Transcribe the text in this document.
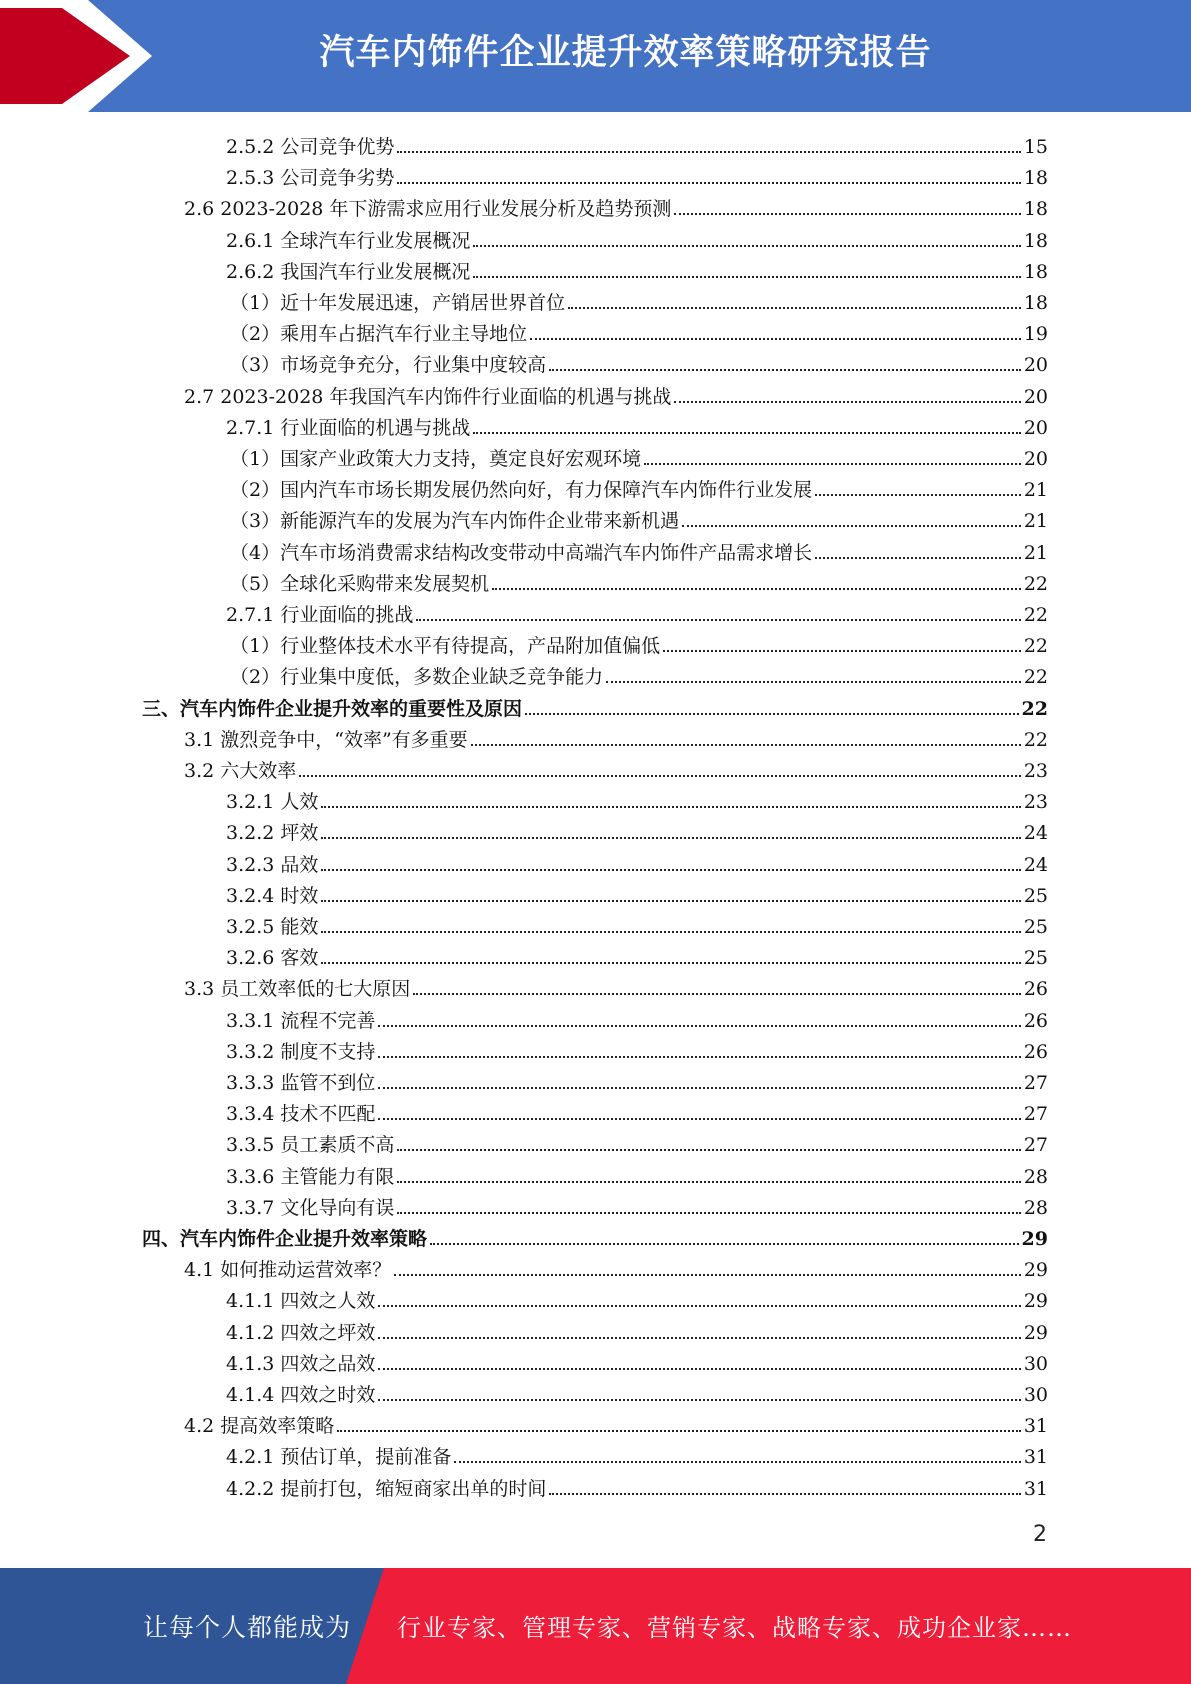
汽车内饰件企业提升效率策略研究报告
2.5.2 公司竞争优势	15
2.5.3 公司竞争劣势	18
2.6 2023-2028 年下游需求应用行业发展分析及趋势预测	18
2.6.1 全球汽车行业发展概况	18
2.6.2 我国汽车行业发展概况	18
（1）近十年发展迅速，产销居世界首位	18
（2）乘用车占据汽车行业主导地位	19
（3）市场竞争充分，行业集中度较高	20
2.7 2023-2028 年我国汽车内饰件行业面临的机遇与挑战	20
2.7.1 行业面临的机遇与挑战	20
（1）国家产业政策大力支持，奠定良好宏观环境	20
（2）国内汽车市场长期发展仍然向好，有力保障汽车内饰件行业发展	21
（3）新能源汽车的发展为汽车内饰件企业带来新机遇	21
（4）汽车市场消费需求结构改变带动中高端汽车内饰件产品需求增长	21
（5）全球化采购带来发展契机	22
2.7.1 行业面临的挑战	22
（1）行业整体技术水平有待提高，产品附加值偏低	22
（2）行业集中度低，多数企业缺乏竞争能力	22
三、汽车内饰件企业提升效率的重要性及原因	22
3.1 激烈竞争中，“效率”有多重要	22
3.2 六大效率	23
3.2.1 人效	23
3.2.2 坪效	24
3.2.3 品效	24
3.2.4 时效	25
3.2.5 能效	25
3.2.6 客效	25
3.3 员工效率低的七大原因	26
3.3.1 流程不完善	26
3.3.2 制度不支持	26
3.3.3 监管不到位	27
3.3.4 技术不匹配	27
3.3.5 员工素质不高	27
3.3.6 主管能力有限	28
3.3.7 文化导向有误	28
四、汽车内饰件企业提升效率策略	29
4.1 如何推动运营效率？	29
4.1.1 四效之人效	29
4.1.2 四效之坪效	29
4.1.3 四效之品效	30
4.1.4 四效之时效	30
4.2 提高效率策略	31
4.2.1 预估订单，提前准备	31
4.2.2 提前打包，缩短商家出单的时间	31
2
让每个人都能成为 行业专家、管理专家、营销专家、战略专家、成功企业家……
